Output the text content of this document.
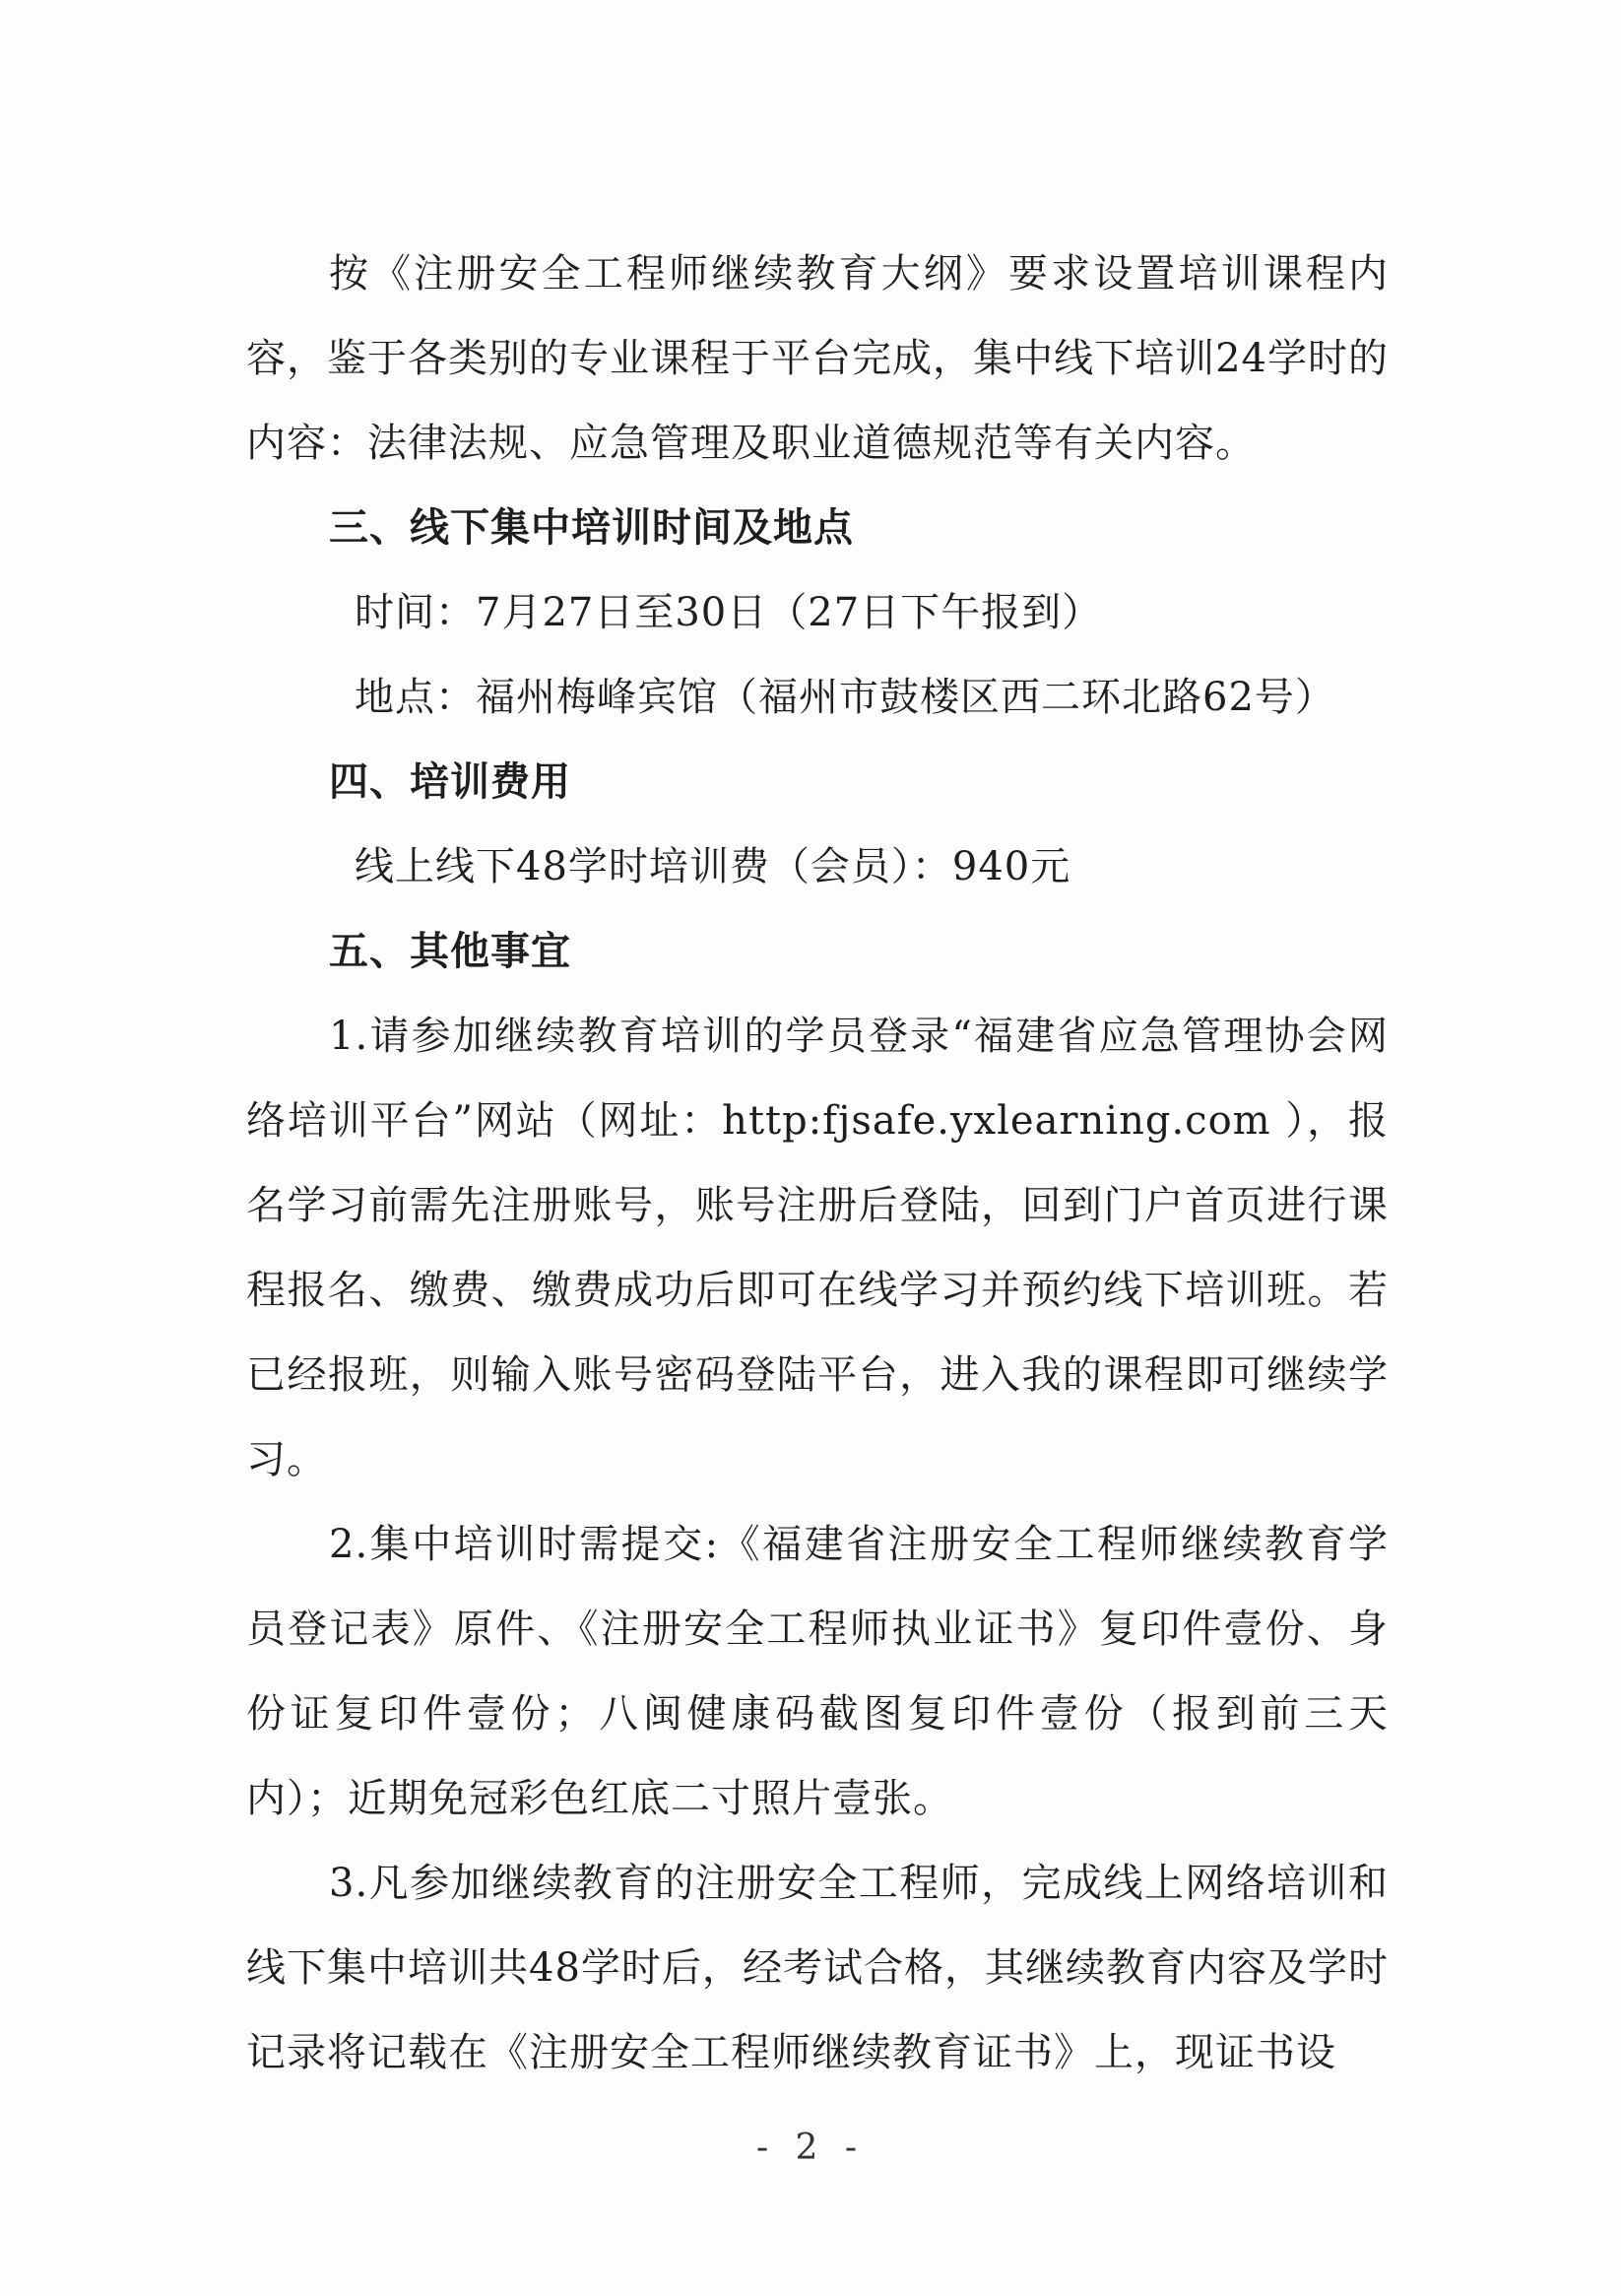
按《注册安全工程师继续教育大纲》要求设置培训课程内容，鉴于各类别的专业课程于平台完成，集中线下培训24学时的内容：法律法规、应急管理及职业道德规范等有关内容。

三、线下集中培训时间及地点

时间：7月27日至30日（27日下午报到）

地点：福州梅峰宾馆（福州市鼓楼区西二环北路62号）

四、培训费用

线上线下48学时培训费（会员）：940元

五、其他事宜

1.请参加继续教育培训的学员登录“福建省应急管理协会网络培训平台”网站（网址：http:fjsafe.yxlearning.com ），报名学习前需先注册账号，账号注册后登陆，回到门户首页进行课程报名、缴费、缴费成功后即可在线学习并预约线下培训班。若已经报班，则输入账号密码登陆平台，进入我的课程即可继续学习。

2.集中培训时需提交:《福建省注册安全工程师继续教育学员登记表》原件、《注册安全工程师执业证书》复印件壹份、身份证复印件壹份；八闽健康码截图复印件壹份（报到前三天内）；近期免冠彩色红底二寸照片壹张。

3.凡参加继续教育的注册安全工程师，完成线上网络培训和线下集中培训共48学时后，经考试合格，其继续教育内容及学时记录将记载在《注册安全工程师继续教育证书》上，现证书设

- 2 -
